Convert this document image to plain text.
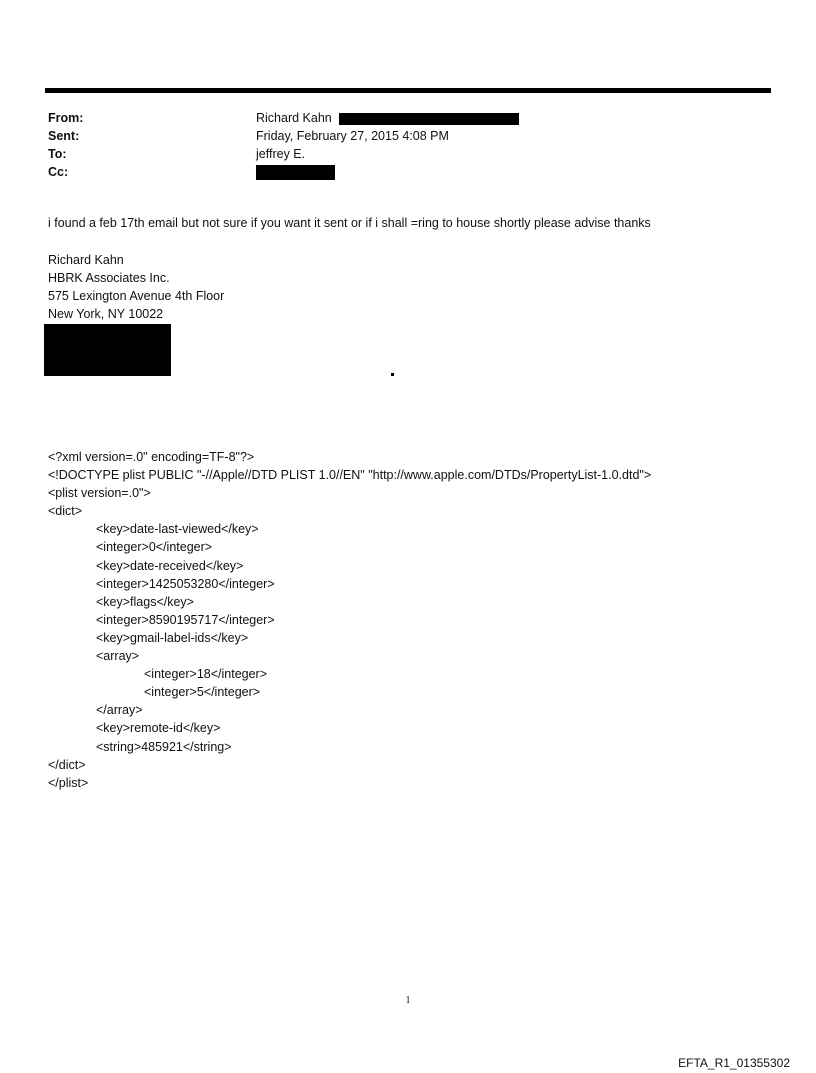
From:	Richard Kahn
Sent:	Friday, February 27, 2015 4:08 PM
To:	jeffrey E.
Cc:
i found a feb 17th email but not sure if you want it sent or if i shall =ring to house shortly please advise thanks
Richard Kahn
HBRK Associates Inc.
575 Lexington Avenue 4th Floor
New York, NY 10022
<?xml version=.0" encoding=TF-8"?>
<!DOCTYPE plist PUBLIC "-//Apple//DTD PLIST 1.0//EN" "http://www.apple.com/DTDs/PropertyList-1.0.dtd">
<plist version=.0">
<dict>
<key>date-last-viewed</key>
<integer>0</integer>
<key>date-received</key>
<integer>1425053280</integer>
<key>flags</key>
<integer>8590195717</integer>
<key>gmail-label-ids</key>
<array>
<integer>18</integer>
<integer>5</integer>
</array>
<key>remote-id</key>
<string>485921</string>
</dict>
</plist>
1
EFTA_R1_01355302
